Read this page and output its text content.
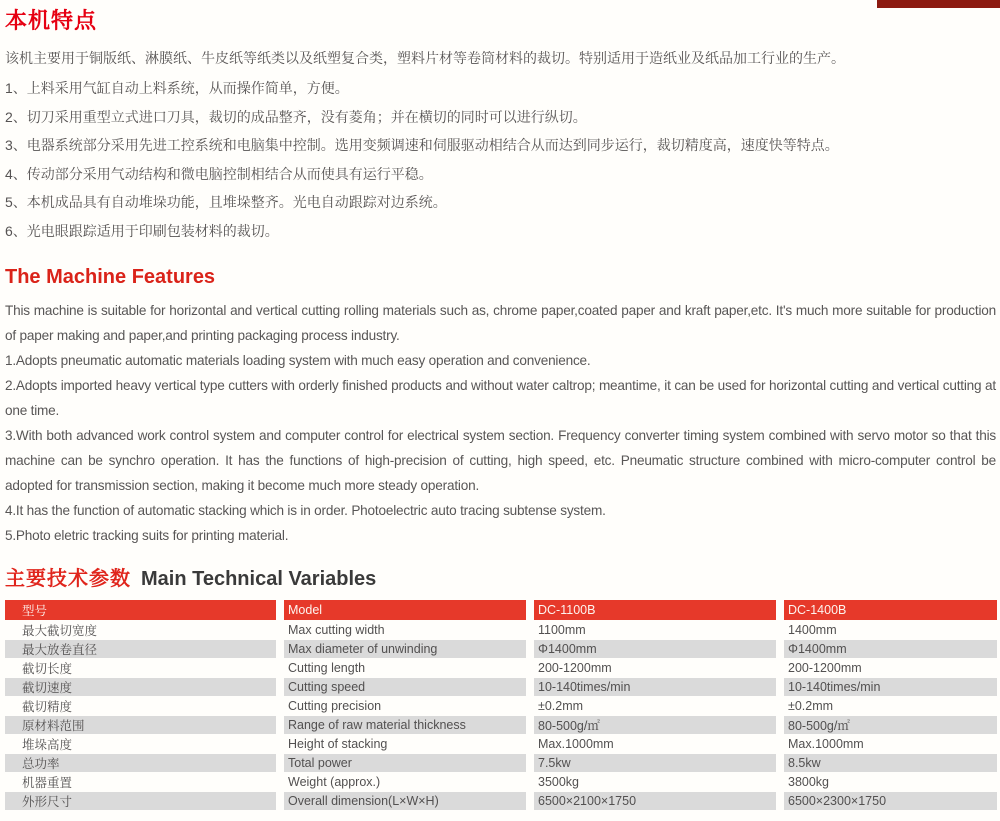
本机特点

该机主要用于铜版纸、淋膜纸、牛皮纸等纸类以及纸塑复合类，塑料片材等卷筒材料的裁切。特别适用于造纸业及纸品加工行业的生产。

1、上料采用气缸自动上料系统，从而操作简单，方便。
2、切刀采用重型立式进口刀具，裁切的成品整齐，没有菱角；并在横切的同时可以进行纵切。
3、电器系统部分采用先进工控系统和电脑集中控制。选用变频调速和伺服驱动相结合从而达到同步运行，裁切精度高，速度快等特点。
4、传动部分采用气动结构和微电脑控制相结合从而使具有运行平稳。
5、本机成品具有自动堆垛功能，且堆垛整齐。光电自动跟踪对边系统。
6、光电眼跟踪适用于印刷包装材料的裁切。
The Machine Features

This machine is suitable for horizontal and vertical cutting rolling materials such as, chrome paper,coated paper and kraft paper,etc. It's much more suitable for production of paper making and paper,and printing packaging process industry.

1.Adopts pneumatic automatic materials loading system with much easy operation and convenience.

2.Adopts imported heavy vertical type cutters with orderly finished products and without water caltrop; meantime, it can be used for horizontal cutting and vertical cutting at one time.

3.With both advanced work control system and computer control for electrical system section. Frequency converter timing system combined with servo motor so that this machine can be synchro operation. It has the functions of high-precision of cutting, high speed, etc. Pneumatic structure combined with micro-computer control be adopted for transmission section, making it become much more steady operation.

4.It has the function of automatic stacking which is in order. Photoelectric auto tracing subtense system.

5.Photo eletric tracking suits for printing material.

主要技术参数 Main Technical Variables
型号	Model	DC-1100B	DC-1400B
最大截切宽度	Max cutting width	1100mm	1400mm
最大放卷直径	Max diameter of unwinding	Φ1400mm	Φ1400mm
截切长度	Cutting length	200-1200mm	200-1200mm
截切速度	Cutting speed	10-140times/min	10-140times/min
截切精度	Cutting precision	±0.2mm	±0.2mm
原材料范围	Range of raw material thickness	80-500g/㎡	80-500g/㎡
堆垛高度	Height of stacking	Max.1000mm	Max.1000mm
总功率	Total power	7.5kw	8.5kw
机器重置	Weight (approx.)	3500kg	3800kg
外形尺寸	Overall dimension(L×W×H)	6500×2100×1750	6500×2300×1750
